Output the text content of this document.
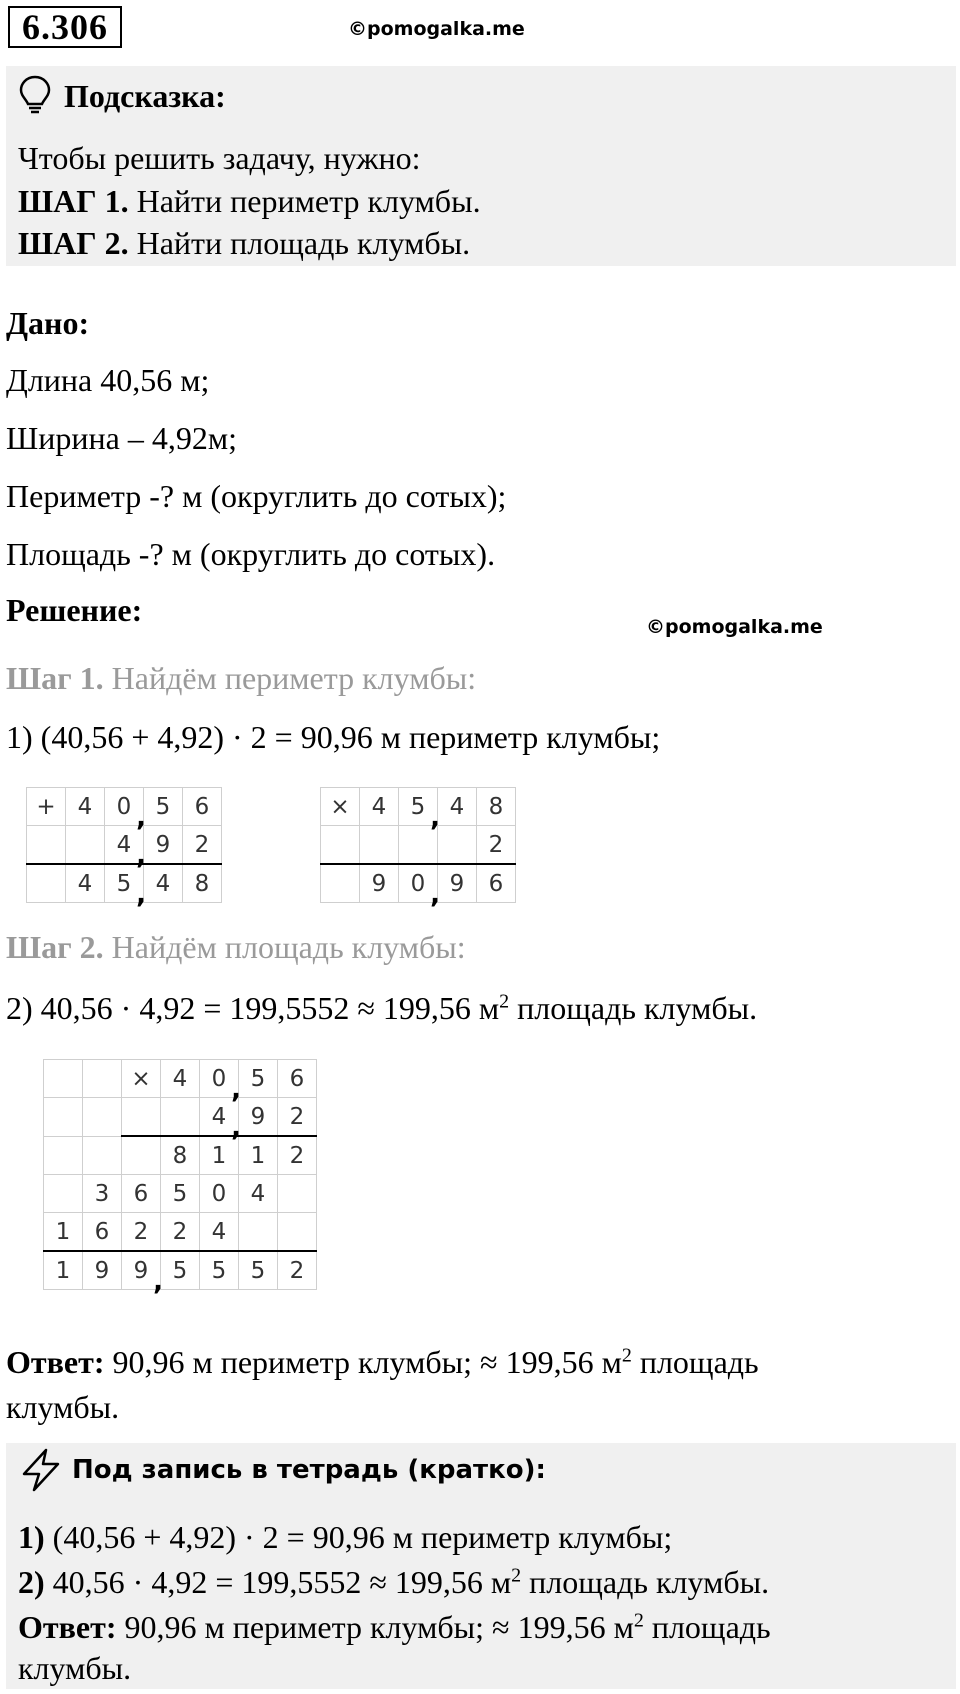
6.306	©pomogalka.me
Подсказка:
Чтобы решить задачу, нужно:
ШАГ 1. Найти периметр клумбы.
ШАГ 2. Найти площадь клумбы.
Дано:
Длина 40,56 м;
Ширина – 4,92м;
Периметр -? м (округлить до сотых);
Площадь -? м (округлить до сотых).
Решение:	©pomogalka.me
Шаг 1. Найдём периметр клумбы:
1) (40,56 + 4,92) · 2 = 90,96 м периметр клумбы;
+	4	0 ,	5	6
		4 ,	9	2
	4	5 ,	4	8
×	4	5 ,	4	8
				2
	9	0 ,	9	6
Шаг 2. Найдём площадь клумбы:
2) 40,56 · 4,92 = 199,5552 ≈ 199,56 $м^2$ площадь клумбы.
		×	4	0 ,	5	6
				4 ,	9	2
			8	1	1	2
	3	6	5	0	4	
1	6	2	2	4		
1	9	9 ,	5	5	5	2
Ответ: 90,96 м периметр клумбы; ≈ 199,56 $м^2$ площадь
клумбы.
Под запись в тетрадь (кратко):
1) (40,56 + 4,92) · 2 = 90,96 м периметр клумбы;
2) 40,56 · 4,92 = 199,5552 ≈ 199,56 $м^2$ площадь клумбы.
Ответ: 90,96 м периметр клумбы; ≈ 199,56 $м^2$ площадь
клумбы.
